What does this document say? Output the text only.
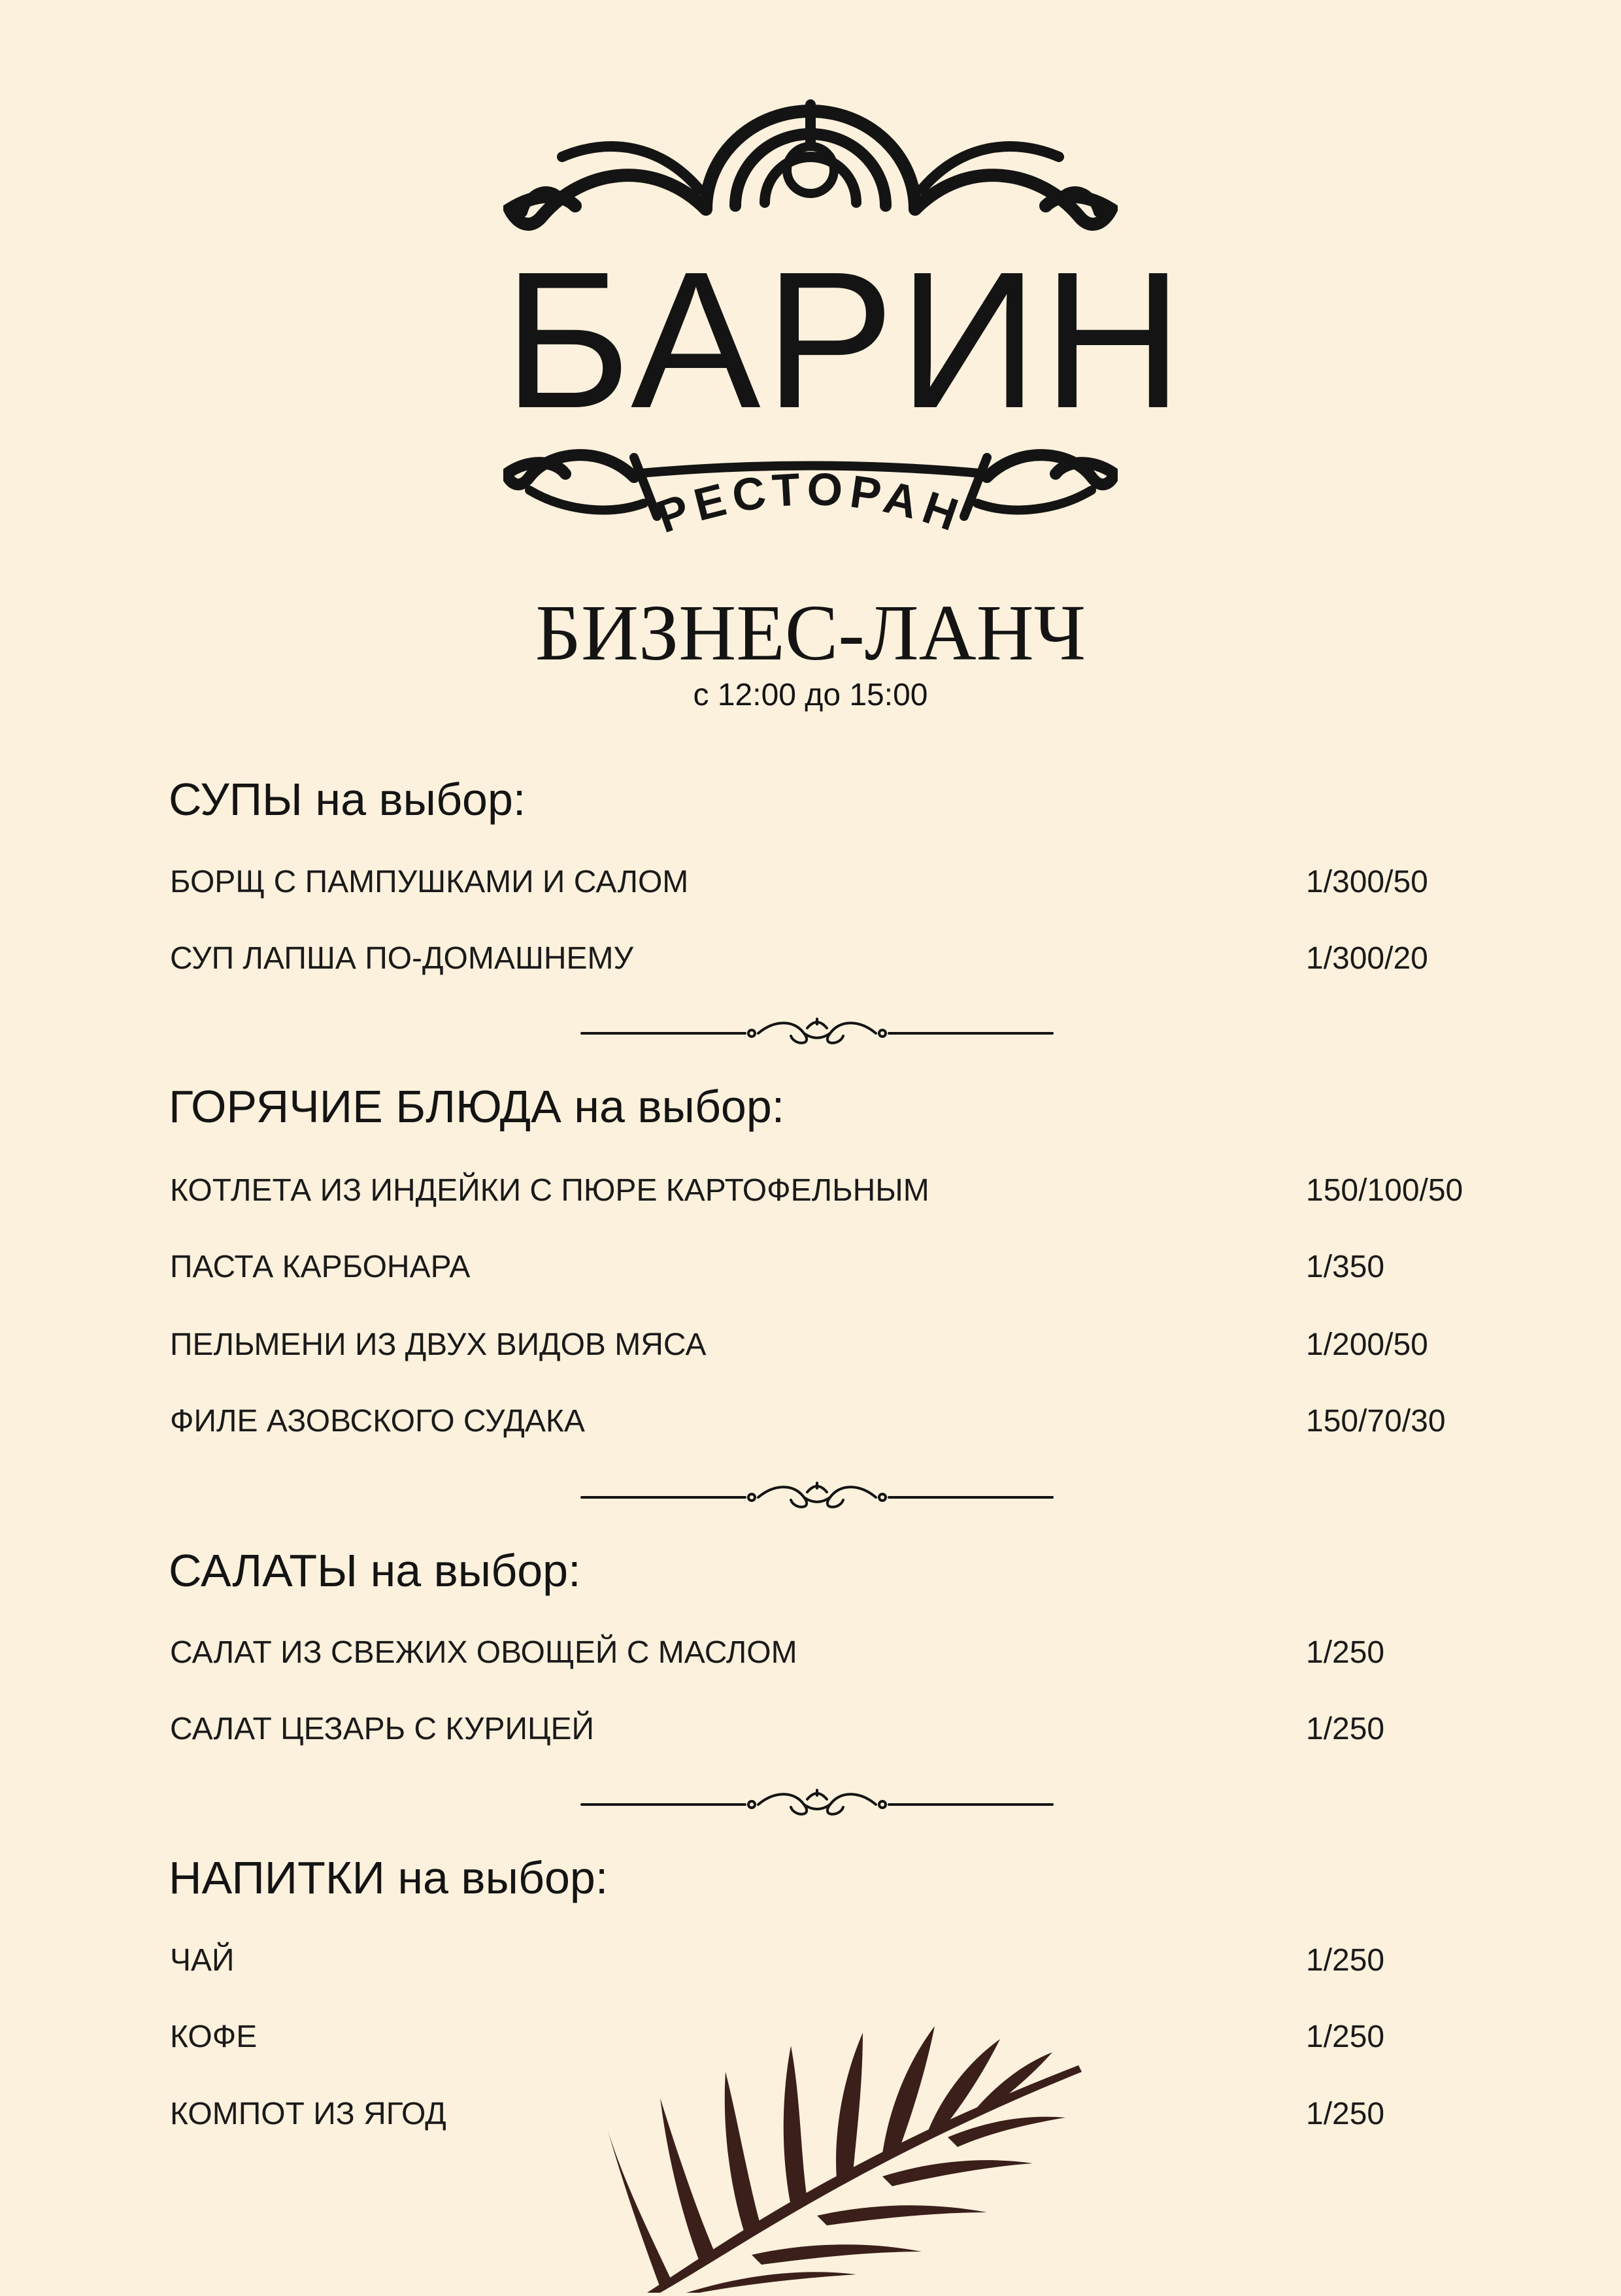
БАРИН
РЕСТОРАН
БИЗНЕС-ЛАНЧ
с 12:00 до 15:00
СУПЫ на выбор:
БОРЩ С ПАМПУШКАМИ И САЛОМ	1/300/50
СУП ЛАПША ПО-ДОМАШНЕМУ	1/300/20
ГОРЯЧИЕ БЛЮДА на выбор:
КОТЛЕТА ИЗ ИНДЕЙКИ С ПЮРЕ КАРТОФЕЛЬНЫМ	150/100/50
ПАСТА КАРБОНАРА	1/350
ПЕЛЬМЕНИ ИЗ ДВУХ ВИДОВ МЯСА	1/200/50
ФИЛЕ АЗОВСКОГО СУДАКА	150/70/30
САЛАТЫ на выбор:
САЛАТ ИЗ СВЕЖИХ ОВОЩЕЙ С МАСЛОМ	1/250
САЛАТ ЦЕЗАРЬ С КУРИЦЕЙ	1/250
НАПИТКИ на выбор:
ЧАЙ	1/250
КОФЕ	1/250
КОМПОТ ИЗ ЯГОД	1/250
